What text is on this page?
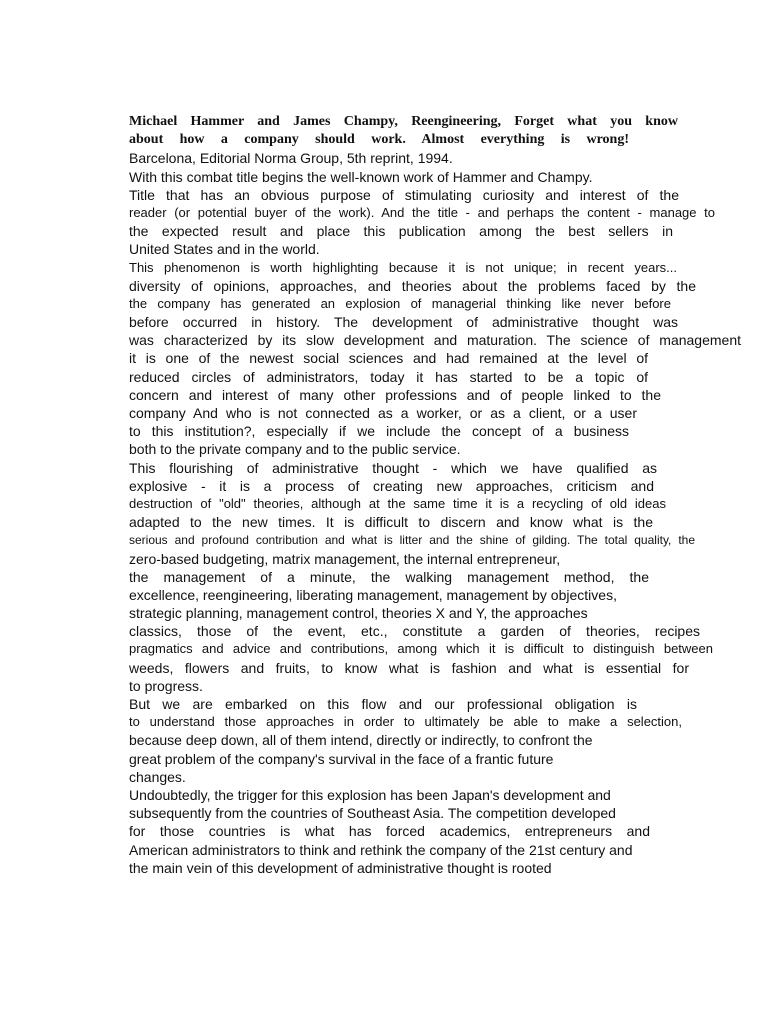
Michael Hammer and James Champy, Reengineering, Forget what you know
about how a company should work. Almost everything is wrong!
Barcelona, Editorial Norma Group, 5th reprint, 1994.
With this combat title begins the well-known work of Hammer and Champy.
Title that has an obvious purpose of stimulating curiosity and interest of the
reader (or potential buyer of the work). And the title - and perhaps the content - manage to
the expected result and place this publication among the best sellers in
United States and in the world.
This phenomenon is worth highlighting because it is not unique; in recent years...
diversity of opinions, approaches, and theories about the problems faced by the
the company has generated an explosion of managerial thinking like never before
before occurred in history. The development of administrative thought was
was characterized by its slow development and maturation. The science of management
it is one of the newest social sciences and had remained at the level of
reduced circles of administrators, today it has started to be a topic of
concern and interest of many other professions and of people linked to the
company And who is not connected as a worker, or as a client, or a user
to this institution?, especially if we include the concept of a business
both to the private company and to the public service.
This flourishing of administrative thought - which we have qualified as
explosive - it is a process of creating new approaches, criticism and
destruction of "old" theories, although at the same time it is a recycling of old ideas
adapted to the new times. It is difficult to discern and know what is the
serious and profound contribution and what is litter and the shine of gilding. The total quality, the
zero-based budgeting, matrix management, the internal entrepreneur,
the management of a minute, the walking management method, the
excellence, reengineering, liberating management, management by objectives,
strategic planning, management control, theories X and Y, the approaches
classics, those of the event, etc., constitute a garden of theories, recipes
pragmatics and advice and contributions, among which it is difficult to distinguish between
weeds, flowers and fruits, to know what is fashion and what is essential for
to progress.
But we are embarked on this flow and our professional obligation is
to understand those approaches in order to ultimately be able to make a selection,
because deep down, all of them intend, directly or indirectly, to confront the
great problem of the company's survival in the face of a frantic future
changes.
Undoubtedly, the trigger for this explosion has been Japan's development and
subsequently from the countries of Southeast Asia. The competition developed
for those countries is what has forced academics, entrepreneurs and
American administrators to think and rethink the company of the 21st century and
the main vein of this development of administrative thought is rooted
